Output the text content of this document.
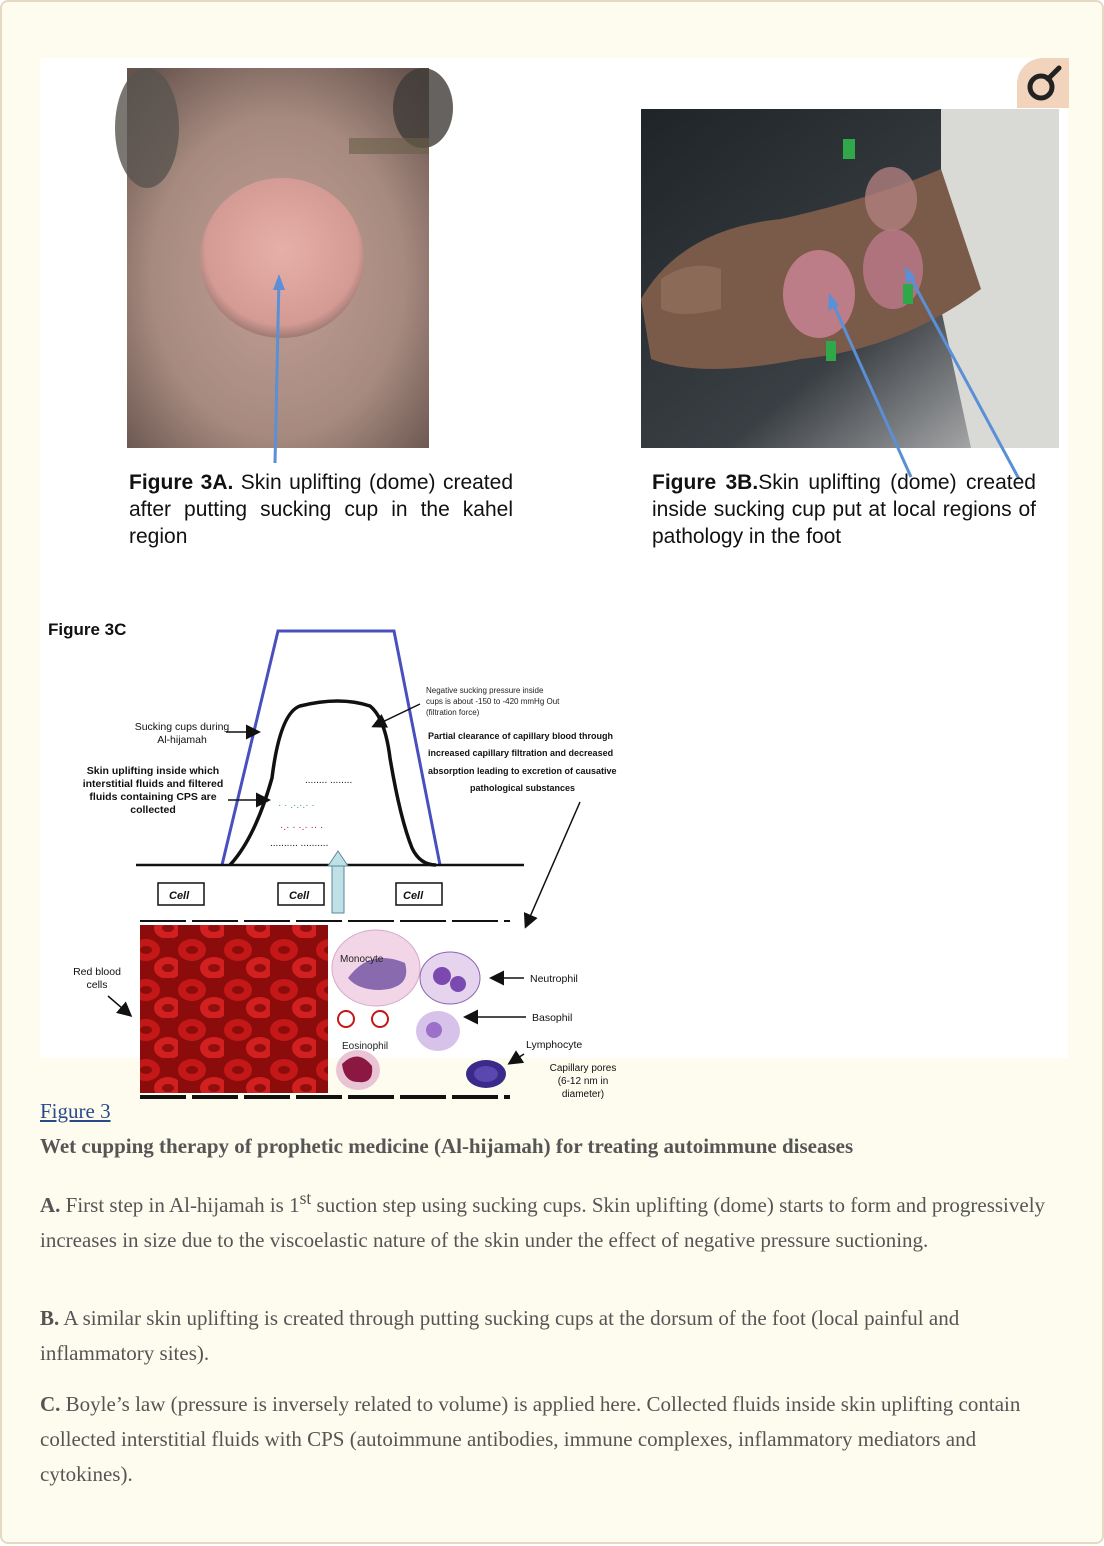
Figure 3A. Skin uplifting (dome) created after putting sucking cup in the kahel region
Figure 3B.Skin uplifting (dome) created inside sucking cup put at local regions of pathology in the foot
Figure 3C
........ ........
· · .·.·.· ·
·.· · ·.· ·· ·
.......... ..........
Cell	Cell	Cell
Monocyte
Eosinophil
Sucking cups during
Al-hijamah
Skin uplifting inside which
interstitial fluids and filtered
fluids containing CPS are
collected
Red blood
cells
Negative sucking pressure inside
cups is about -150 to -420 mmHg Out
(filtration force)
Partial clearance of capillary blood through
increased capillary filtration and decreased
absorption leading to excretion of causative
pathological substances
Neutrophil
Basophil
Lymphocyte
Capillary pores
(6-12 nm in
diameter)
Figure 3
Wet cupping therapy of prophetic medicine (Al-hijamah) for treating autoimmune diseases

A. First step in Al-hijamah is 1st suction step using sucking cups. Skin uplifting (dome) starts to form and progressively increases in size due to the viscoelastic nature of the skin under the effect of negative pressure suctioning.

B. A similar skin uplifting is created through putting sucking cups at the dorsum of the foot (local painful and inflammatory sites).

C. Boyle’s law (pressure is inversely related to volume) is applied here. Collected fluids inside skin uplifting contain collected interstitial fluids with CPS (autoimmune antibodies, immune complexes, inflammatory mediators and cytokines).
